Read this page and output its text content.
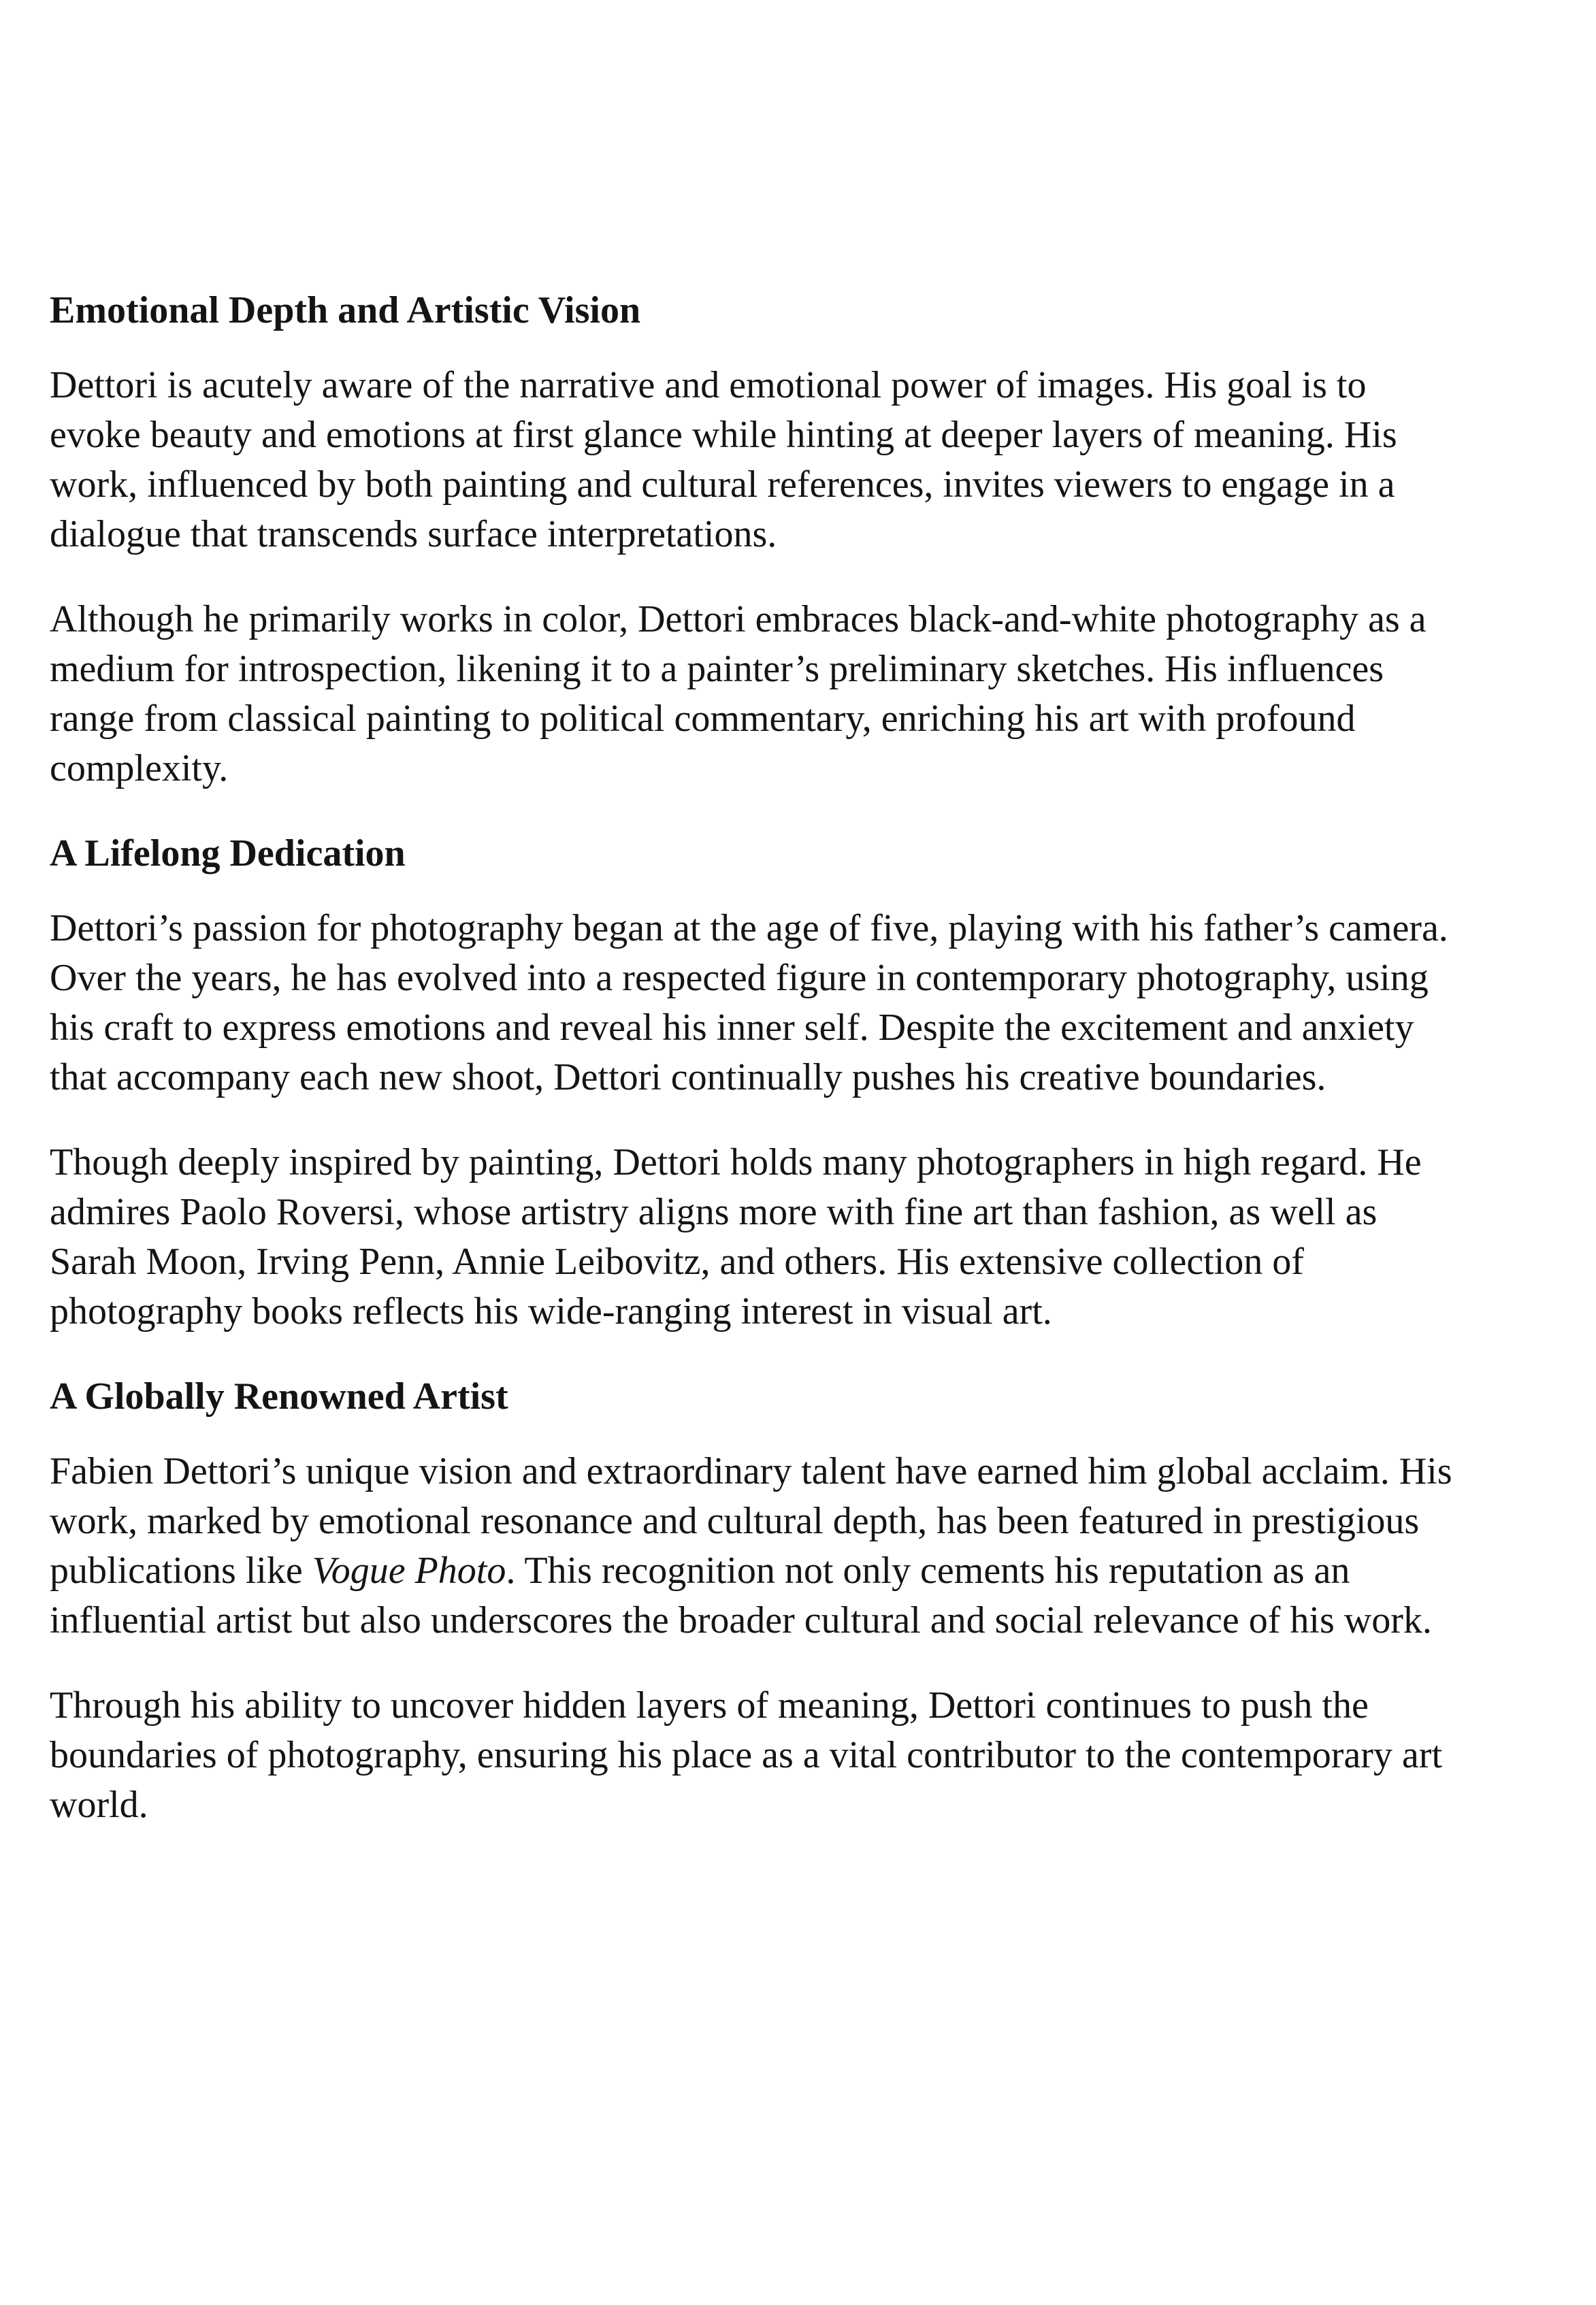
Emotional Depth and Artistic Vision

Dettori is acutely aware of the narrative and emotional power of images. His goal is to
evoke beauty and emotions at first glance while hinting at deeper layers of meaning. His
work, influenced by both painting and cultural references, invites viewers to engage in a
dialogue that transcends surface interpretations.

Although he primarily works in color, Dettori embraces black-and-white photography as a
medium for introspection, likening it to a painter’s preliminary sketches. His influences
range from classical painting to political commentary, enriching his art with profound
complexity.

A Lifelong Dedication

Dettori’s passion for photography began at the age of five, playing with his father’s camera.
Over the years, he has evolved into a respected figure in contemporary photography, using
his craft to express emotions and reveal his inner self. Despite the excitement and anxiety
that accompany each new shoot, Dettori continually pushes his creative boundaries.

Though deeply inspired by painting, Dettori holds many photographers in high regard. He
admires Paolo Roversi, whose artistry aligns more with fine art than fashion, as well as
Sarah Moon, Irving Penn, Annie Leibovitz, and others. His extensive collection of
photography books reflects his wide-ranging interest in visual art.

A Globally Renowned Artist

Fabien Dettori’s unique vision and extraordinary talent have earned him global acclaim. His
work, marked by emotional resonance and cultural depth, has been featured in prestigious
publications like Vogue Photo. This recognition not only cements his reputation as an
influential artist but also underscores the broader cultural and social relevance of his work.

Through his ability to uncover hidden layers of meaning, Dettori continues to push the
boundaries of photography, ensuring his place as a vital contributor to the contemporary art
world.
